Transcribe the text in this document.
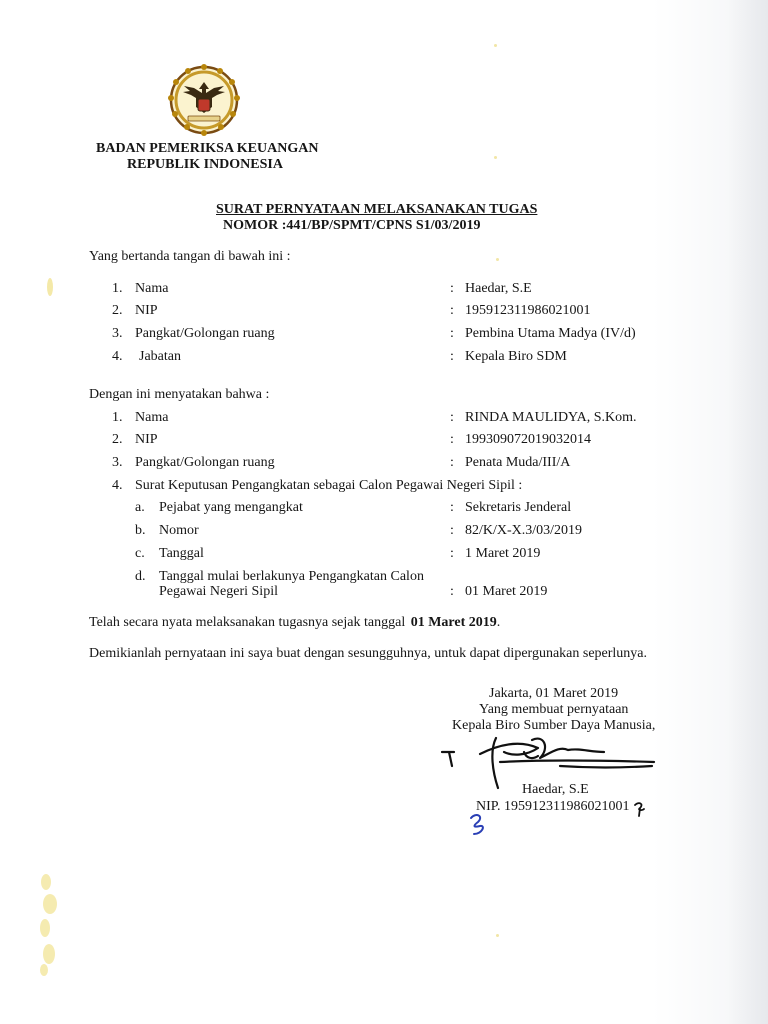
BADAN PEMERIKSA KEUANGAN
REPUBLIK INDONESIA
SURAT PERNYATAAN MELAKSANAKAN TUGAS
NOMOR :441/BP/SPMT/CPNS S1/03/2019
Yang bertanda tangan di bawah ini :
1. Nama	: Haedar, S.E
2. NIP	: 195912311986021001
3. Pangkat/Golongan ruang	: Pembina Utama Madya (IV/d)
4. Jabatan	: Kepala Biro SDM
Dengan ini menyatakan bahwa :
1. Nama	: RINDA MAULIDYA, S.Kom.
2. NIP	: 199309072019032014
3. Pangkat/Golongan ruang	: Penata Muda/III/A
4. Surat Keputusan Pengangkatan sebagai Calon Pegawai Negeri Sipil :
a. Pejabat yang mengangkat	: Sekretaris Jenderal
b. Nomor	: 82/K/X-X.3/03/2019
c. Tanggal	: 1 Maret 2019
d. Tanggal mulai berlakunya Pengangkatan Calon
Pegawai Negeri Sipil	: 01 Maret 2019
Telah secara nyata melaksanakan tugasnya sejak tanggal 01 Maret 2019.
Demikianlah pernyataan ini saya buat dengan sesungguhnya, untuk dapat dipergunakan seperlunya.
Jakarta, 01 Maret 2019
Yang membuat pernyataan
Kepala Biro Sumber Daya Manusia,
Haedar, S.E
NIP. 195912311986021001
